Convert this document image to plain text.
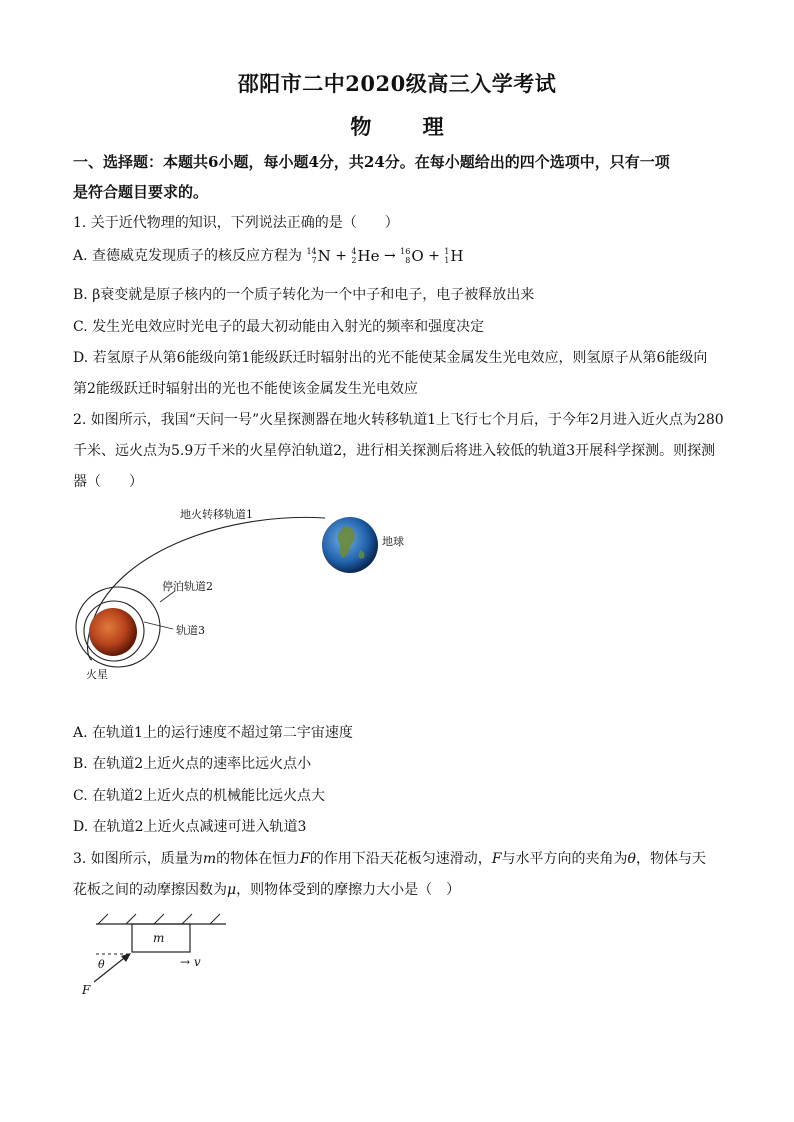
邵阳市二中2020级高三入学考试
物 理
一、选择题：本题共6小题，每小题4分，共24分。在每小题给出的四个选项中，只有一项
是符合题目要求的。
1. 关于近代物理的知识，下列说法正确的是（　　）
A. 查德威克发现质子的核反应方程为 14
7 N + 4
2 He → 16
8 O + 1
1 H
B. β衰变就是原子核内的一个质子转化为一个中子和电子，电子被释放出来
C. 发生光电效应时光电子的最大初动能由入射光的频率和强度决定
D. 若氢原子从第6能级向第1能级跃迁时辐射出的光不能使某金属发生光电效应，则氢原子从第6能级向
第2能级跃迁时辐射出的光也不能使该金属发生光电效应
2. 如图所示，我国“天问一号”火星探测器在地火转移轨道1上飞行七个月后，于今年2月进入近火点为280
千米、远火点为5.9万千米的火星停泊轨道2，进行相关探测后将进入较低的轨道3开展科学探测。则探测
器（　　）
地火转移轨道1
地球
停泊轨道2
轨道3
火星
A. 在轨道1上的运行速度不超过第二宇宙速度
B. 在轨道2上近火点的速率比远火点小
C. 在轨道2上近火点的机械能比远火点大
D. 在轨道2上近火点减速可进入轨道3
3. 如图所示，质量为m的物体在恒力F的作用下沿天花板匀速滑动，F与水平方向的夹角为θ，物体与天
花板之间的动摩擦因数为μ，则物体受到的摩擦力大小是（　）
m
→ v
θ
F
